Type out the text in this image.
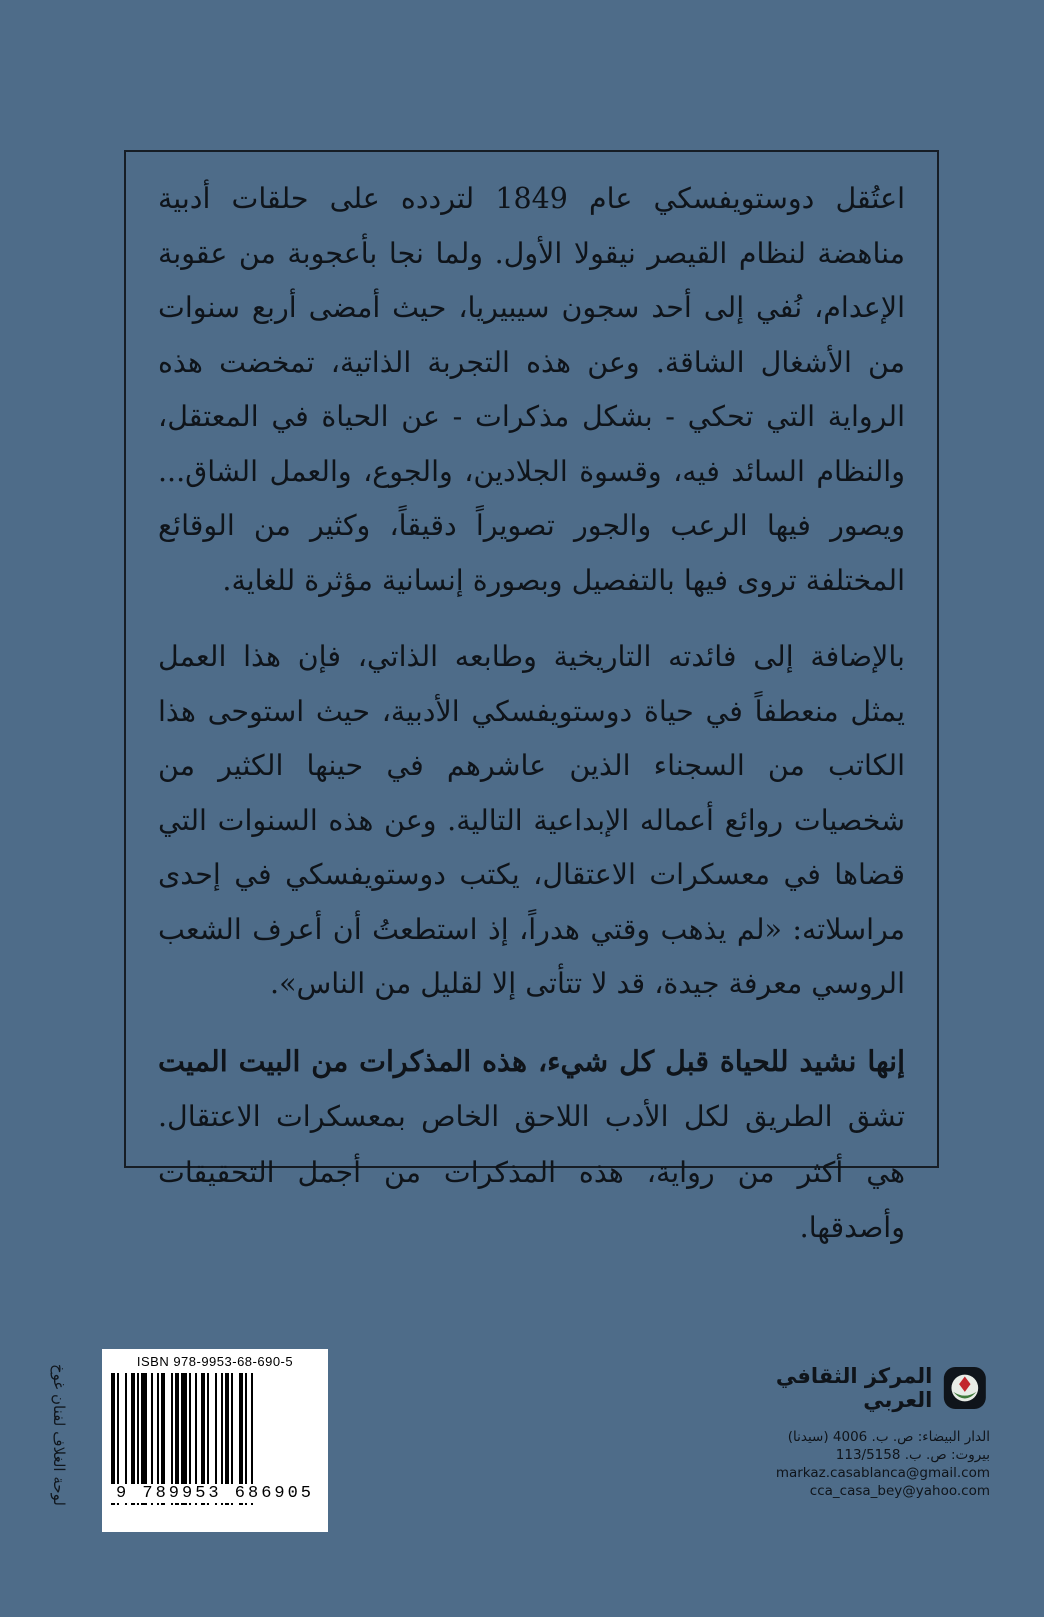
اعتُقل دوستويفسكي عام 1849 لتردده على حلقات أدبية مناهضة لنظام القيصر نيقولا الأول. ولما نجا بأعجوبة من عقوبة الإعدام، نُفي إلى أحد سجون سيبيريا، حيث أمضى أربع سنوات من الأشغال الشاقة. وعن هذه التجربة الذاتية، تمخضت هذه الرواية التي تحكي - بشكل مذكرات - عن الحياة في المعتقل، والنظام السائد فيه، وقسوة الجلادين، والجوع، والعمل الشاق... ويصور فيها الرعب والجور تصويراً دقيقاً، وكثير من الوقائع المختلفة تروى فيها بالتفصيل وبصورة إنسانية مؤثرة للغاية.

بالإضافة إلى فائدته التاريخية وطابعه الذاتي، فإن هذا العمل يمثل منعطفاً في حياة دوستويفسكي الأدبية، حيث استوحى هذا الكاتب من السجناء الذين عاشرهم في حينها الكثير من شخصيات روائع أعماله الإبداعية التالية. وعن هذه السنوات التي قضاها في معسكرات الاعتقال، يكتب دوستويفسكي في إحدى مراسلاته: «لم يذهب وقتي هدراً، إذ استطعتُ أن أعرف الشعب الروسي معرفة جيدة، قد لا تتأتى إلا لقليل من الناس».

إنها نشيد للحياة قبل كل شيء، هذه المذكرات من البيت الميت تشق الطريق لكل الأدب اللاحق الخاص بمعسكرات الاعتقال. هي أكثر من رواية، هذه المذكرات من أجمل التحقيقات وأصدقها.

لوحة الغلاف لفنان غوخ
ISBN 978-9953-68-690-5
9 789953 686905
المركز الثقافي العربي
الدار البيضاء: ص. ب. 4006 (سيدنا)
بيروت: ص. ب. 113/5158
markaz.casablanca@gmail.com
cca_casa_bey@yahoo.com
